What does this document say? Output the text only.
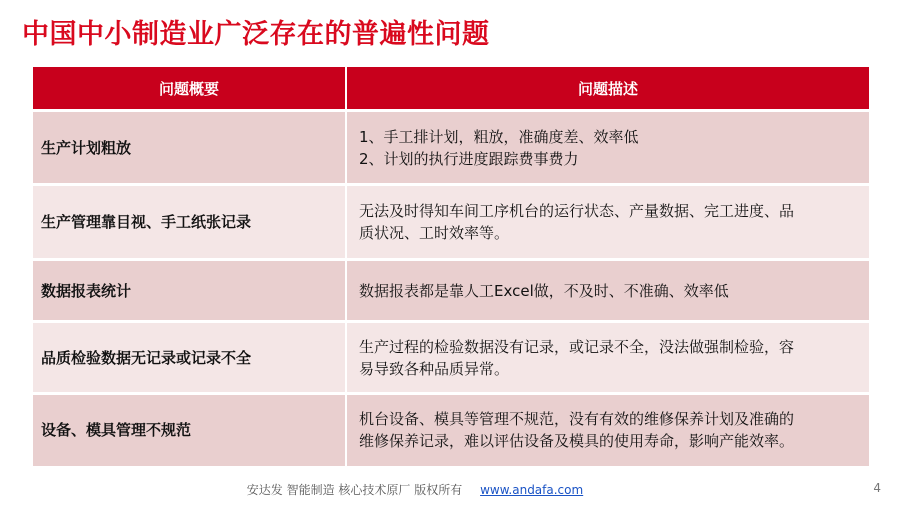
中国中小制造业广泛存在的普遍性问题
问题概要	问题描述
生产计划粗放	1、手工排计划，粗放，准确度差、效率低
2、计划的执行进度跟踪费事费力

生产管理靠目视、手工纸张记录	无法及时得知车间工序机台的运行状态、产量数据、完工进度、品
质状况、工时效率等。

数据报表统计	数据报表都是靠人工Excel做，不及时、不准确、效率低

品质检验数据无记录或记录不全	生产过程的检验数据没有记录，或记录不全，没法做强制检验，容
易导致各种品质异常。

设备、模具管理不规范	机台设备、模具等管理不规范，没有有效的维修保养计划及准确的
维修保养记录，难以评估设备及模具的使用寿命，影响产能效率。
安达发 智能制造 核心技术原厂 版权所有 www.andafa.com	4
